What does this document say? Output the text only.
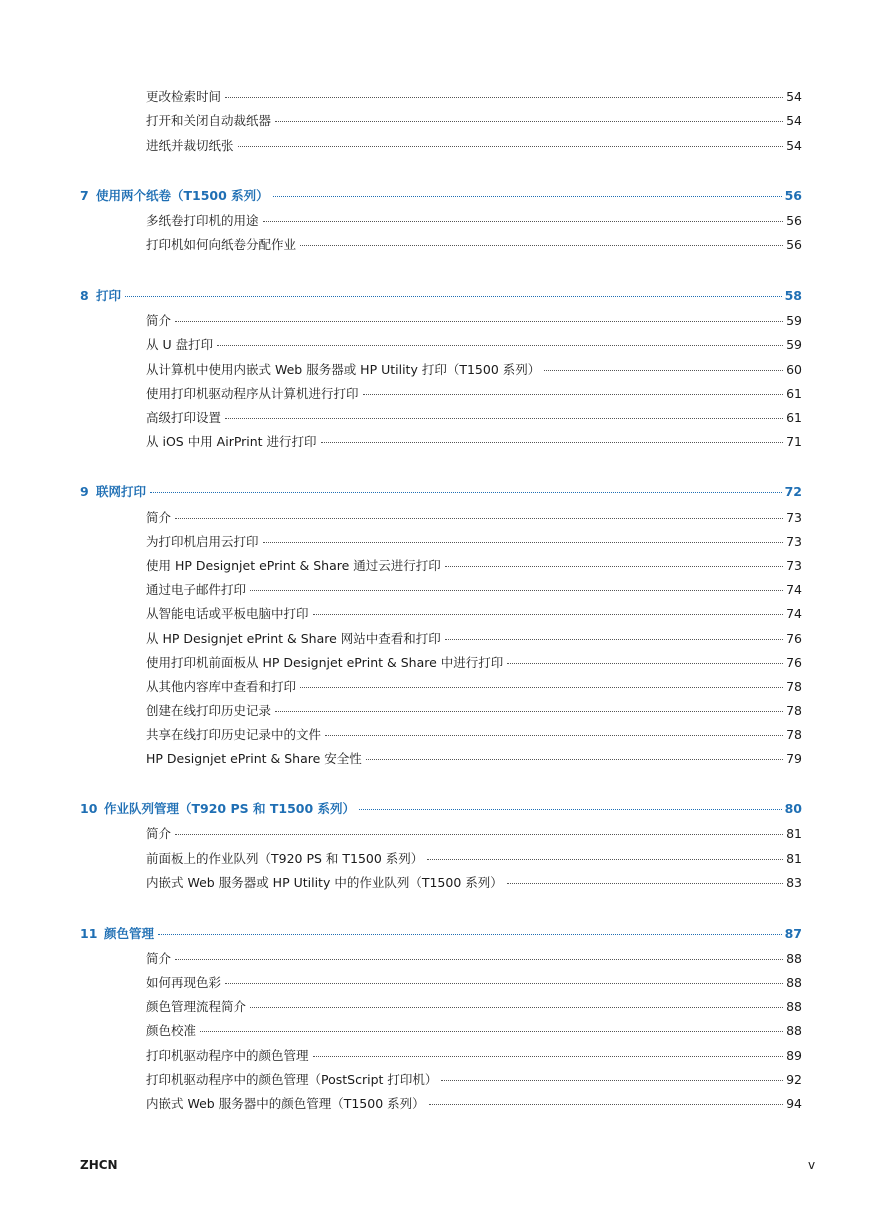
更改检索时间	54
打开和关闭自动裁纸器	54
进纸并裁切纸张	54
7 使用两个纸卷（T1500 系列）	56
多纸卷打印机的用途	56
打印机如何向纸卷分配作业	56
8 打印	58
简介	59
从 U 盘打印	59
从计算机中使用内嵌式 Web 服务器或 HP Utility 打印（T1500 系列）	60
使用打印机驱动程序从计算机进行打印	61
高级打印设置	61
从 iOS 中用 AirPrint 进行打印	71
9 联网打印	72
简介	73
为打印机启用云打印	73
使用 HP Designjet ePrint & Share 通过云进行打印	73
通过电子邮件打印	74
从智能电话或平板电脑中打印	74
从 HP Designjet ePrint & Share 网站中查看和打印	76
使用打印机前面板从 HP Designjet ePrint & Share 中进行打印	76
从其他内容库中查看和打印	78
创建在线打印历史记录	78
共享在线打印历史记录中的文件	78
HP Designjet ePrint & Share 安全性	79
10 作业队列管理（T920 PS 和 T1500 系列）	80
简介	81
前面板上的作业队列（T920 PS 和 T1500 系列）	81
内嵌式 Web 服务器或 HP Utility 中的作业队列（T1500 系列）	83
11 颜色管理	87
简介	88
如何再现色彩	88
颜色管理流程简介	88
颜色校准	88
打印机驱动程序中的颜色管理	89
打印机驱动程序中的颜色管理（PostScript 打印机）	92
内嵌式 Web 服务器中的颜色管理（T1500 系列）	94
ZHCN	v
